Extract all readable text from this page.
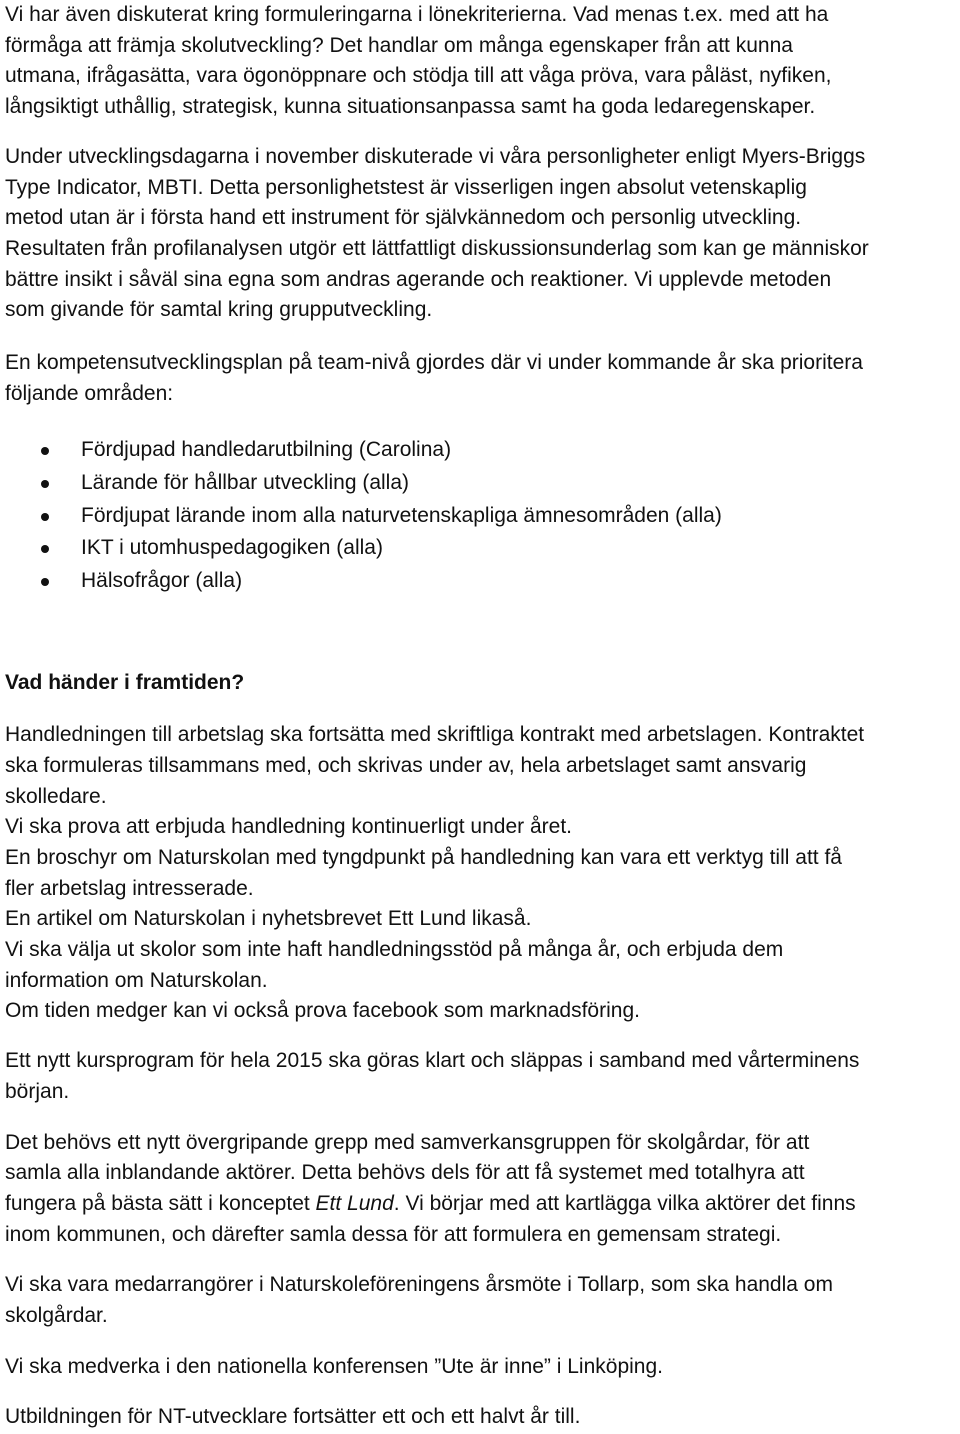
Vi har även diskuterat kring formuleringarna i lönekriterierna. Vad menas t.ex. med att ha
förmåga att främja skolutveckling? Det handlar om många egenskaper från att kunna
utmana, ifrågasätta, vara ögonöppnare och stödja till att våga pröva, vara påläst, nyfiken,
långsiktigt uthållig, strategisk, kunna situationsanpassa samt ha goda ledaregenskaper.

Under utvecklingsdagarna i november diskuterade vi våra personligheter enligt Myers-Briggs
Type Indicator, MBTI. Detta personlighetstest är visserligen ingen absolut vetenskaplig
metod utan är i första hand ett instrument för självkännedom och personlig utveckling.
Resultaten från profilanalysen utgör ett lättfattligt diskussionsunderlag som kan ge människor
bättre insikt i såväl sina egna som andras agerande och reaktioner. Vi upplevde metoden
som givande för samtal kring grupputveckling.

En kompetensutvecklingsplan på team-nivå gjordes där vi under kommande år ska prioritera
följande områden:

Fördjupad handledarutbilning (Carolina)
Lärande för hållbar utveckling (alla)
Fördjupat lärande inom alla naturvetenskapliga ämnesområden (alla)
IKT i utomhuspedagogiken (alla)
Hälsofrågor (alla)

Vad händer i framtiden?

Handledningen till arbetslag ska fortsätta med skriftliga kontrakt med arbetslagen. Kontraktet
ska formuleras tillsammans med, och skrivas under av, hela arbetslaget samt ansvarig
skolledare.
Vi ska prova att erbjuda handledning kontinuerligt under året.
En broschyr om Naturskolan med tyngdpunkt på handledning kan vara ett verktyg till att få
fler arbetslag intresserade.
En artikel om Naturskolan i nyhetsbrevet Ett Lund likaså.
Vi ska välja ut skolor som inte haft handledningsstöd på många år, och erbjuda dem
information om Naturskolan.
Om tiden medger kan vi också prova facebook som marknadsföring.

Ett nytt kursprogram för hela 2015 ska göras klart och släppas i samband med vårterminens
början.

Det behövs ett nytt övergripande grepp med samverkansgruppen för skolgårdar, för att
samla alla inblandande aktörer. Detta behövs dels för att få systemet med totalhyra att
fungera på bästa sätt i konceptet Ett Lund. Vi börjar med att kartlägga vilka aktörer det finns
inom kommunen, och därefter samla dessa för att formulera en gemensam strategi.

Vi ska vara medarrangörer i Naturskoleföreningens årsmöte i Tollarp, som ska handla om
skolgårdar.

Vi ska medverka i den nationella konferensen ”Ute är inne” i Linköping.

Utbildningen för NT-utvecklare fortsätter ett och ett halvt år till.
